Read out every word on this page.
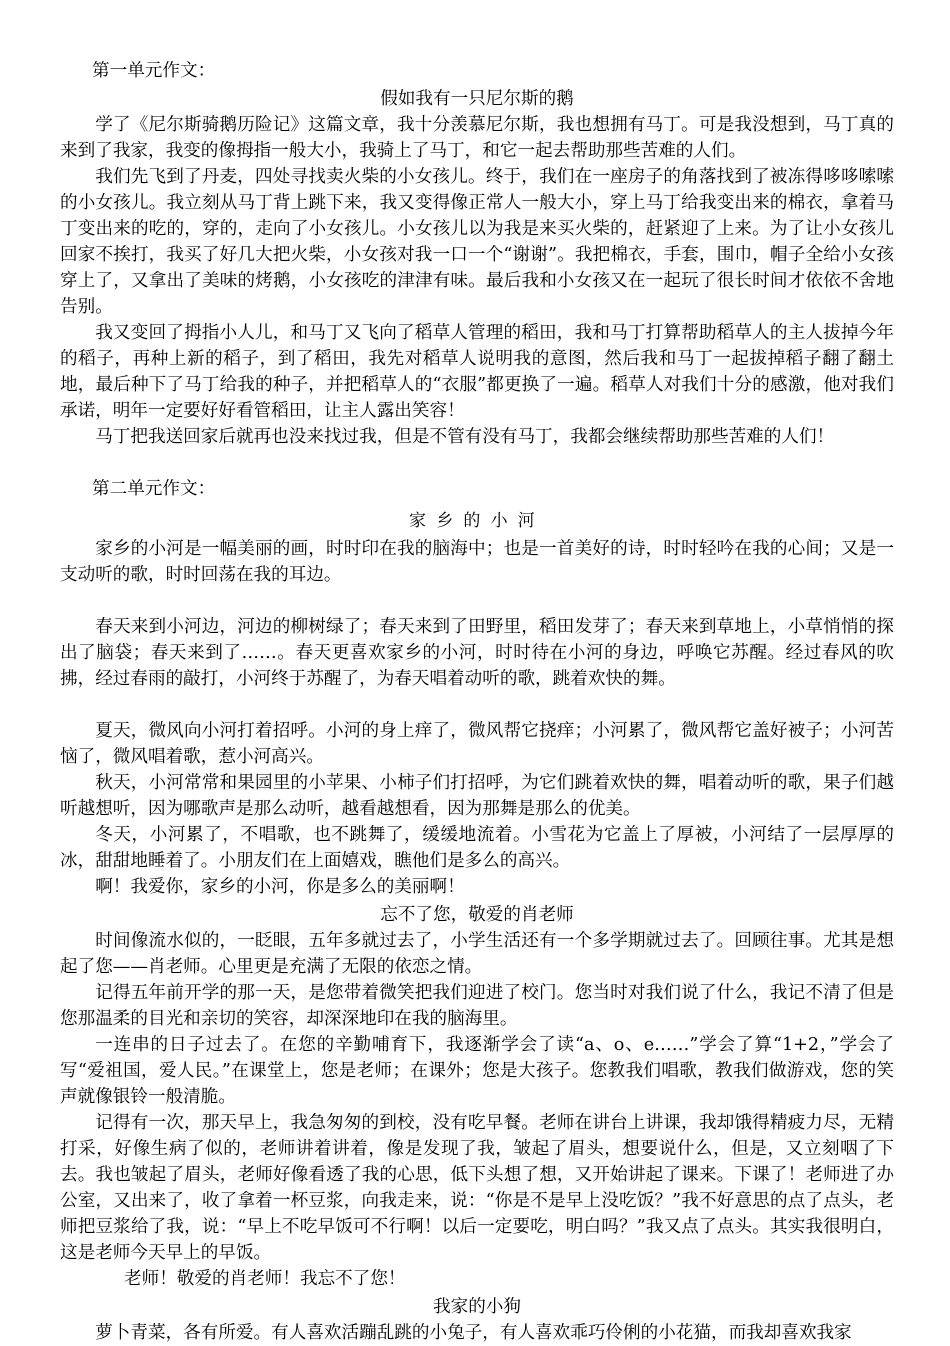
第一单元作文：

假如我有一只尼尔斯的鹅

学了《尼尔斯骑鹅历险记》这篇文章，我十分羡慕尼尔斯，我也想拥有马丁。可是我没想到，马丁真的来到了我家，我变的像拇指一般大小，我骑上了马丁，和它一起去帮助那些苦难的人们。

我们先飞到了丹麦，四处寻找卖火柴的小女孩儿。终于，我们在一座房子的角落找到了被冻得哆哆嗦嗦的小女孩儿。我立刻从马丁背上跳下来，我又变得像正常人一般大小，穿上马丁给我变出来的棉衣，拿着马丁变出来的吃的，穿的，走向了小女孩儿。小女孩儿以为我是来买火柴的，赶紧迎了上来。为了让小女孩儿回家不挨打，我买了好几大把火柴，小女孩对我一口一个“谢谢”。我把棉衣，手套，围巾，帽子全给小女孩穿上了，又拿出了美味的烤鹅，小女孩吃的津津有味。最后我和小女孩又在一起玩了很长时间才依依不舍地告别。

我又变回了拇指小人儿，和马丁又飞向了稻草人管理的稻田，我和马丁打算帮助稻草人的主人拔掉今年的稻子，再种上新的稻子，到了稻田，我先对稻草人说明我的意图，然后我和马丁一起拔掉稻子翻了翻土地，最后种下了马丁给我的种子，并把稻草人的“衣服”都更换了一遍。稻草人对我们十分的感激，他对我们承诺，明年一定要好好看管稻田，让主人露出笑容！

马丁把我送回家后就再也没来找过我，但是不管有没有马丁，我都会继续帮助那些苦难的人们！

第二单元作文：

家乡的小河

家乡的小河是一幅美丽的画，时时印在我的脑海中；也是一首美好的诗，时时轻吟在我的心间；又是一支动听的歌，时时回荡在我的耳边。

春天来到小河边，河边的柳树绿了；春天来到了田野里，稻田发芽了；春天来到草地上，小草悄悄的探出了脑袋；春天来到了……。春天更喜欢家乡的小河，时时待在小河的身边，呼唤它苏醒。经过春风的吹拂，经过春雨的敲打，小河终于苏醒了，为春天唱着动听的歌，跳着欢快的舞。

夏天，微风向小河打着招呼。小河的身上痒了，微风帮它挠痒；小河累了，微风帮它盖好被子；小河苦恼了，微风唱着歌，惹小河高兴。

秋天，小河常常和果园里的小苹果、小柿子们打招呼，为它们跳着欢快的舞，唱着动听的歌，果子们越听越想听，因为哪歌声是那么动听，越看越想看，因为那舞是那么的优美。

冬天，小河累了，不唱歌，也不跳舞了，缓缓地流着。小雪花为它盖上了厚被，小河结了一层厚厚的冰，甜甜地睡着了。小朋友们在上面嬉戏，瞧他们是多么的高兴。

啊！我爱你，家乡的小河，你是多么的美丽啊！

忘不了您，敬爱的肖老师

时间像流水似的，一眨眼，五年多就过去了，小学生活还有一个多学期就过去了。回顾往事。尤其是想起了您——肖老师。心里更是充满了无限的依恋之情。

记得五年前开学的那一天，是您带着微笑把我们迎进了校门。您当时对我们说了什么，我记不清了但是您那温柔的目光和亲切的笑容，却深深地印在我的脑海里。

一连串的日子过去了。在您的辛勤哺育下，我逐渐学会了读“a、o、e……”学会了算“1+2，”学会了写“爱祖国，爱人民。”在课堂上，您是老师；在课外；您是大孩子。您教我们唱歌，教我们做游戏，您的笑声就像银铃一般清脆。

记得有一次，那天早上，我急匆匆的到校，没有吃早餐。老师在讲台上讲课，我却饿得精疲力尽，无精打采，好像生病了似的，老师讲着讲着，像是发现了我，皱起了眉头，想要说什么，但是，又立刻咽了下去。我也皱起了眉头，老师好像看透了我的心思，低下头想了想，又开始讲起了课来。下课了！老师进了办公室，又出来了，收了拿着一杯豆浆，向我走来，说：“你是不是早上没吃饭？”我不好意思的点了点头，老师把豆浆给了我，说：“早上不吃早饭可不行啊！以后一定要吃，明白吗？”我又点了点头。其实我很明白，这是老师今天早上的早饭。

老师！敬爱的肖老师！我忘不了您！

我家的小狗

萝卜青菜，各有所爱。有人喜欢活蹦乱跳的小兔子，有人喜欢乖巧伶俐的小花猫，而我却喜欢我家
